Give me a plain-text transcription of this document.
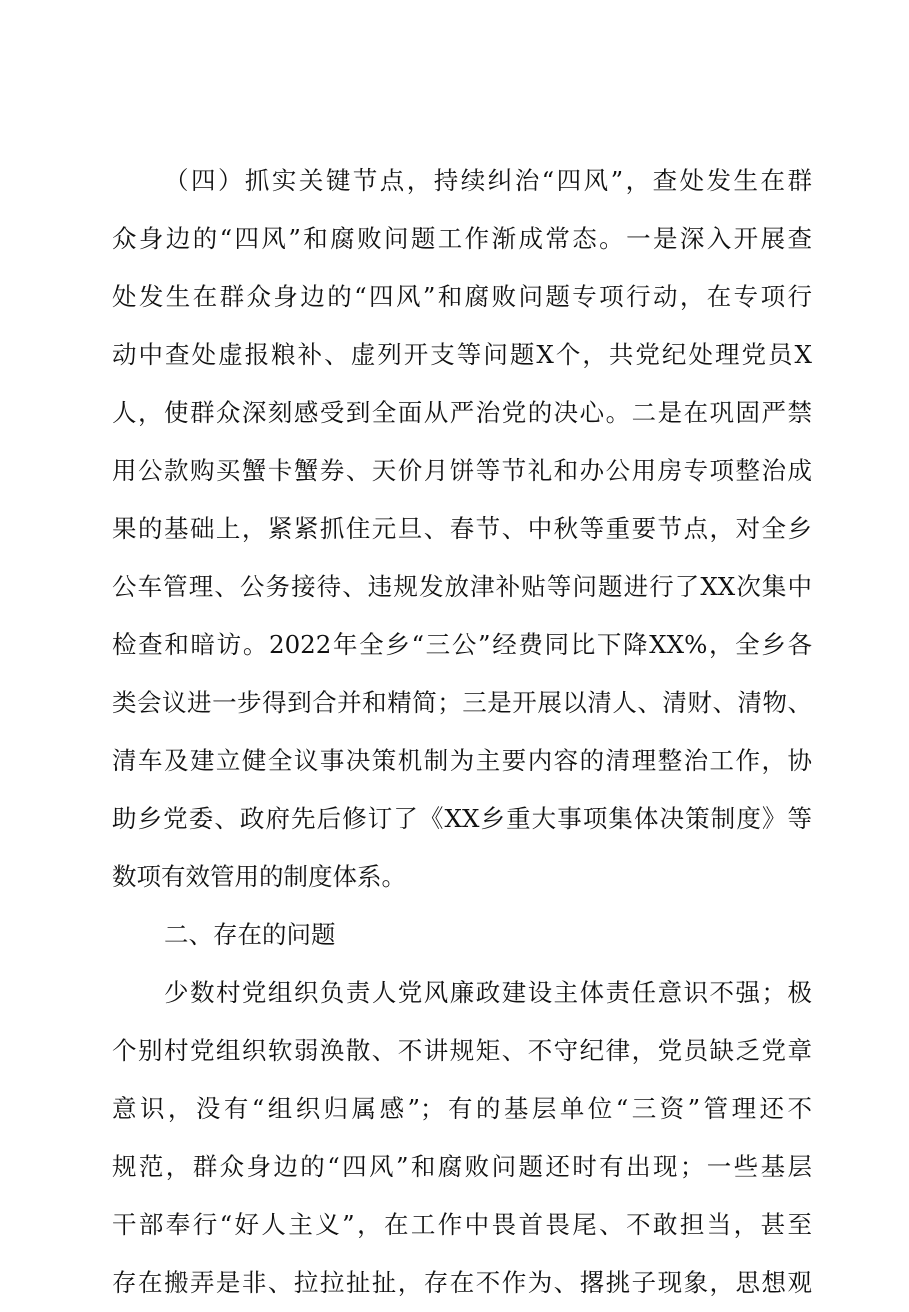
（四）抓实关键节点，持续纠治“四风”，查处发生在群
众身边的“四风”和腐败问题工作渐成常态。一是深入开展查
处发生在群众身边的“四风”和腐败问题专项行动，在专项行
动中查处虚报粮补、虚列开支等问题X个，共党纪处理党员X
人，使群众深刻感受到全面从严治党的决心。二是在巩固严禁
用公款购买蟹卡蟹券、天价月饼等节礼和办公用房专项整治成
果的基础上，紧紧抓住元旦、春节、中秋等重要节点，对全乡
公车管理、公务接待、违规发放津补贴等问题进行了XX次集中
检查和暗访。2022年全乡“三公”经费同比下降XX%，全乡各
类会议进一步得到合并和精简；三是开展以清人、清财、清物、
清车及建立健全议事决策机制为主要内容的清理整治工作，协
助乡党委、政府先后修订了《XX乡重大事项集体决策制度》等
数项有效管用的制度体系。
二、存在的问题
少数村党组织负责人党风廉政建设主体责任意识不强；极
个别村党组织软弱涣散、不讲规矩、不守纪律，党员缺乏党章
意识，没有“组织归属感”；有的基层单位“三资”管理还不
规范，群众身边的“四风”和腐败问题还时有出现；一些基层
干部奉行“好人主义”，在工作中畏首畏尾、不敢担当，甚至
存在搬弄是非、拉拉扯扯，存在不作为、撂挑子现象，思想观
